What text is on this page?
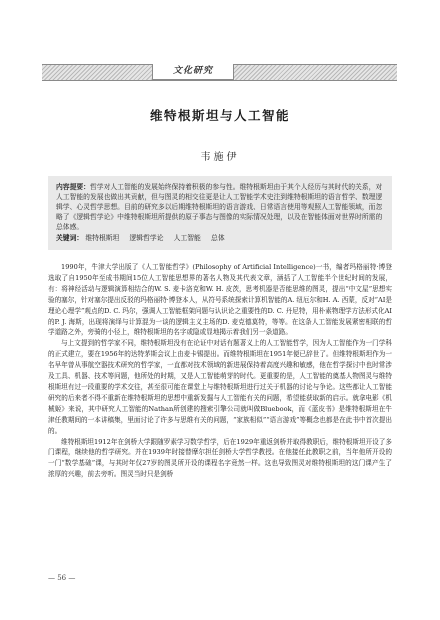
文化研究
维特根斯坦与人工智能
韦施伊
内容提要：哲学对人工智能的发展始终保持着积极的参与性。维特根斯坦由于其个人经历与其时代的关系，对人工智能的发展也做出其贡献，但与图灵的相交往更是让人工智能学术史注到维特根斯坦的语言哲学、数理逻辑学、心灵哲学思想。目前的研究多以后期维特根斯坦的语言游戏、日常语言使用等观照人工智能领域，而忽略了《逻辑哲学论》中维特根斯坦所提供的原子事态与图像的实际情况处理，以及在智能体面对世界时所需的总体感。
关键词： 维特根斯坦 逻辑哲学论 人工智能 总体

1990年，牛津大学出版了《人工智能哲学》(Philosophy of Artificial Intelligence)一书，编者玛格丽特·博登选取了自1950年至成书期间15位人工智能思想界的著名人物及其代表文章，涵括了人工智能半个世纪时间的发展，有：将神经活动与逻辑演算相结合的W. S. 麦卡洛克和W. H. 皮茨，思考机器是否能思维的图灵，提出“中文屋”思想实验的塞尔，针对塞尔提出反驳的玛格丽特·博登本人，从符号系统探索计算机智能的A. 纽厄尔和H. A. 西蒙，反对“AI是理论心理学”观点的D. C. 玛尔，强调人工智能框架问题与认识论之重要性的D. C. 丹尼特，用朴素物理学方法形式化AI的P. J. 海斯，出现将演绎与计算混为一谈的逻辑主义主场的D. 麦克德莫特，等等。在这条人工智能发展紧密相联的哲学道路之外，旁骑的小径上，维特根斯坦的名字或隐或显地揭示着我们另一条道路。

与上文提到的哲学家不同，维特根斯坦没有在论证中对话有题著义上的人工智能哲学，因为人工智能作为一门学科的正式建立，要在1956年的达特茅斯会议上由麦卡锡提出。而维特根斯坦在1951年便已辞世了。但维特根斯坦作为一名早年曾从事航空器技术研究的哲学家，一直都对技术领域的新进展保持着高度兴趣和敏感，他在哲学探讨中也时常涉及工具、机器、技术等问题，他所处的时期，又是人工智能萌芽的时代。更重要的是，人工智能的奠基人物图灵与维特根斯坦有过一段重要的学术交往，甚至很可能在课堂上与维特根斯坦进行过关于机器的讨论与争论。这些都让人工智能研究的后来者不得不重新在维特根斯坦的思想中重新发掘与人工智能有关的问题，希望能获取新的启示。就拿电影《机械姬》来说，其中研究人工智能的Nathan所创建的搜索引擎公司就叫做Bluebook，而《蓝皮书》是维特根斯坦在牛津任教期间的一本讲稿集，里面讨论了许多与思维有关的问题，“家族相似”“语言游戏”等概念也都是在此书中首次提出的。

维特根斯坦1912年在剑桥大学跟随罗素学习数学哲学，后在1929年重返剑桥并取得教职后，维特根斯坦开设了多门课程，继续他的哲学研究。并在1939年时接替摩尔担任剑桥大学哲学教授。在他接任此教职之前，当年他所开设的一门“数学基础”课，与其时年仅27岁的图灵所开设的课程名字竟然一样。这也导致图灵对维特根斯坦的这门课产生了浓厚的兴趣，前去旁听。图灵当时只是剑桥

— 56 —
